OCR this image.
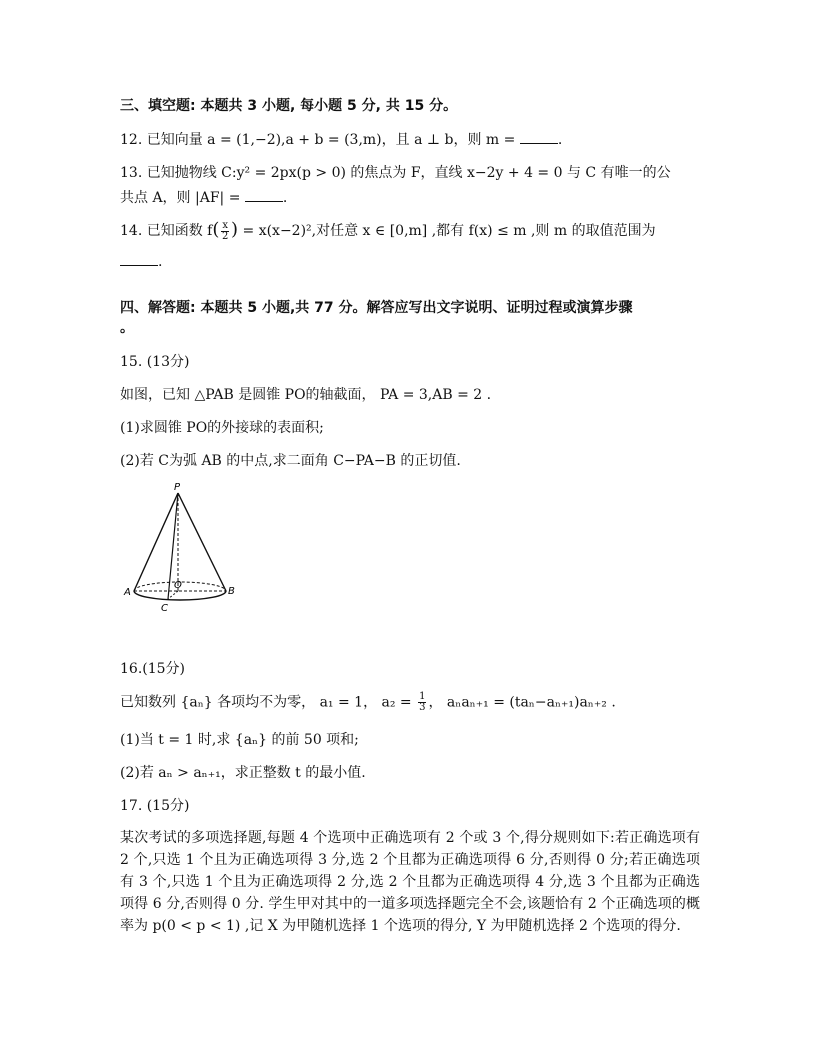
三、填空题: 本题共 3 小题, 每小题 5 分, 共 15 分。
12. 已知向量 a = (1,−2),a + b = (3,m)，且 a ⊥ b，则 m =	.
13. 已知抛物线 C:y² = 2px(p > 0) 的焦点为 F，直线 x−2y + 4 = 0 与 C 有唯一的公
共点 A，则 |AF| =	.
14. 已知函数 $f( \frac{x}{2}$ ) = x(x−2)²,对任意 x ∈ [0,m] ,都有 f(x) ≤ m ,则 m 的取值范围为
.
四、解答题: 本题共 5 小题,共 77 分。解答应写出文字说明、证明过程或演算步骤
。
15. (13分)
如图，已知 △PAB 是圆锥 PO的轴截面， PA = 3,AB = 2 .
(1)求圆锥 PO的外接球的表面积;
(2)若 C为弧 AB 的中点,求二面角 C−PA−B 的正切值.
P
A	B
O
C
16.(15分)
已知数列 {aₙ} 各项均不为零， a₁ = 1， $a_2 = \frac{1}{3}$ ， aₙaₙ₊₁ = (taₙ−aₙ₊₁)aₙ₊₂ .
(1)当 t = 1 时,求 {aₙ} 的前 50 项和;
(2)若 aₙ > aₙ₊₁，求正整数 t 的最小值.
17. (15分)
某次考试的多项选择题,每题 4 个选项中正确选项有 2 个或 3 个,得分规则如下:若正确选项有 2 个,只选 1 个且为正确选项得 3 分,选 2 个且都为正确选项得 6 分,否则得 0 分;若正确选项有 3 个,只选 1 个且为正确选项得 2 分,选 2 个且都为正确选项得 4 分,选 3 个且都为正确选项得 6 分,否则得 0 分. 学生甲对其中的一道多项选择题完全不会,该题恰有 2 个正确选项的概率为 p(0 < p < 1) ,记 X 为甲随机选择 1 个选项的得分, Y 为甲随机选择 2 个选项的得分.
